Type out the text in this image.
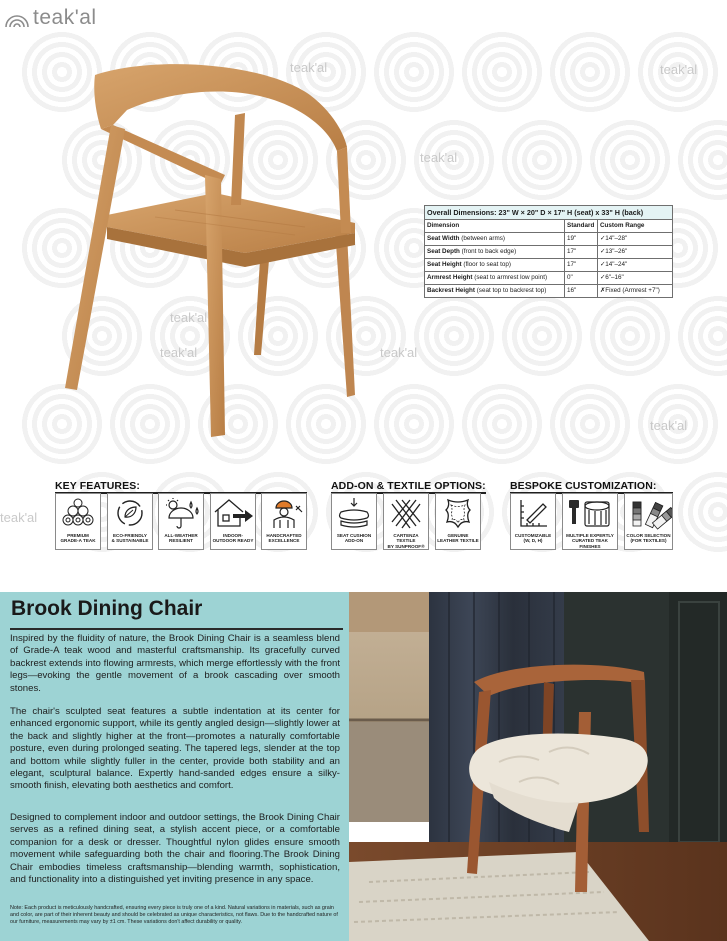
teak'al	teak'al
teak'al	teak'al
teak'al
teak'al
teak'al
teak'al
teak'al
Overall Dimensions: 23" W × 20" D × 17" H (seat) x 33" H (back)		
Dimension	Standard	Custom Range
Seat Width (between arms)	19"	✓14"–28"
Seat Depth (front to back edge)	17"	✓13"–26"
Seat Height (floor to seat top)	17"	✓14"–24"
Armrest Height (seat to armrest low point)	0"	✓6"–16"
Backrest Height (seat top to backrest top)	16"	✗Fixed (Armrest +7")
KEY FEATURES:	ADD-ON & TEXTILE OPTIONS: BESPOKE CUSTOMIZATION:
PREMIUM
GRADE-A TEAK
ECO-FRIENDLY
& SUSTAINABLE
ALL-WEATHER
RESILIENT
INDOOR-
OUTDOOR READY
HANDCRAFTED
EXCELLENCE
SEAT CUSHION
ADD-ON
CARTENZA TEXTILE
BY SUNPROOF®
GENUINE
LEATHER TEXTILE
CUSTOMIZABLE
(W, D, H)
MULTIPLE EXPERTLY
CURATED TEAK FINISHES
COLOR SELECTION
(FOR TEXTILES)
Brook Dining Chair

Inspired by the fluidity of nature, the Brook Dining Chair is a seamless blend of Grade-A teak wood and masterful craftsmanship. Its gracefully curved backrest extends into flowing armrests, which merge effortlessly with the front legs—evoking the gentle movement of a brook cascading over smooth stones.

The chair's sculpted seat features a subtle indentation at its center for enhanced ergonomic support, while its gently angled design—slightly lower at the back and slightly higher at the front—promotes a naturally comfortable posture, even during prolonged seating. The tapered legs, slender at the top and bottom while slightly fuller in the center, provide both stability and an elegant, sculptural balance. Expertly hand-sanded edges ensure a silky-smooth finish, elevating both aesthetics and comfort.

Designed to complement indoor and outdoor settings, the Brook Dining Chair serves as a refined dining seat, a stylish accent piece, or a comfortable companion for a desk or dresser. Thoughtful nylon glides ensure smooth movement while safeguarding both the chair and flooring.The Brook Dining Chair embodies timeless craftsmanship—blending warmth, sophistication, and functionality into a distinguished yet inviting presence in any space.

Note: Each product is meticulously handcrafted, ensuring every piece is truly one of a kind. Natural variations in materials, such as grain and color, are part of their inherent beauty and should be celebrated as unique characteristics, not flaws. Due to the handcrafted nature of our furniture, measurements may vary by ±1 cm. These variations don't affect durability or quality.
